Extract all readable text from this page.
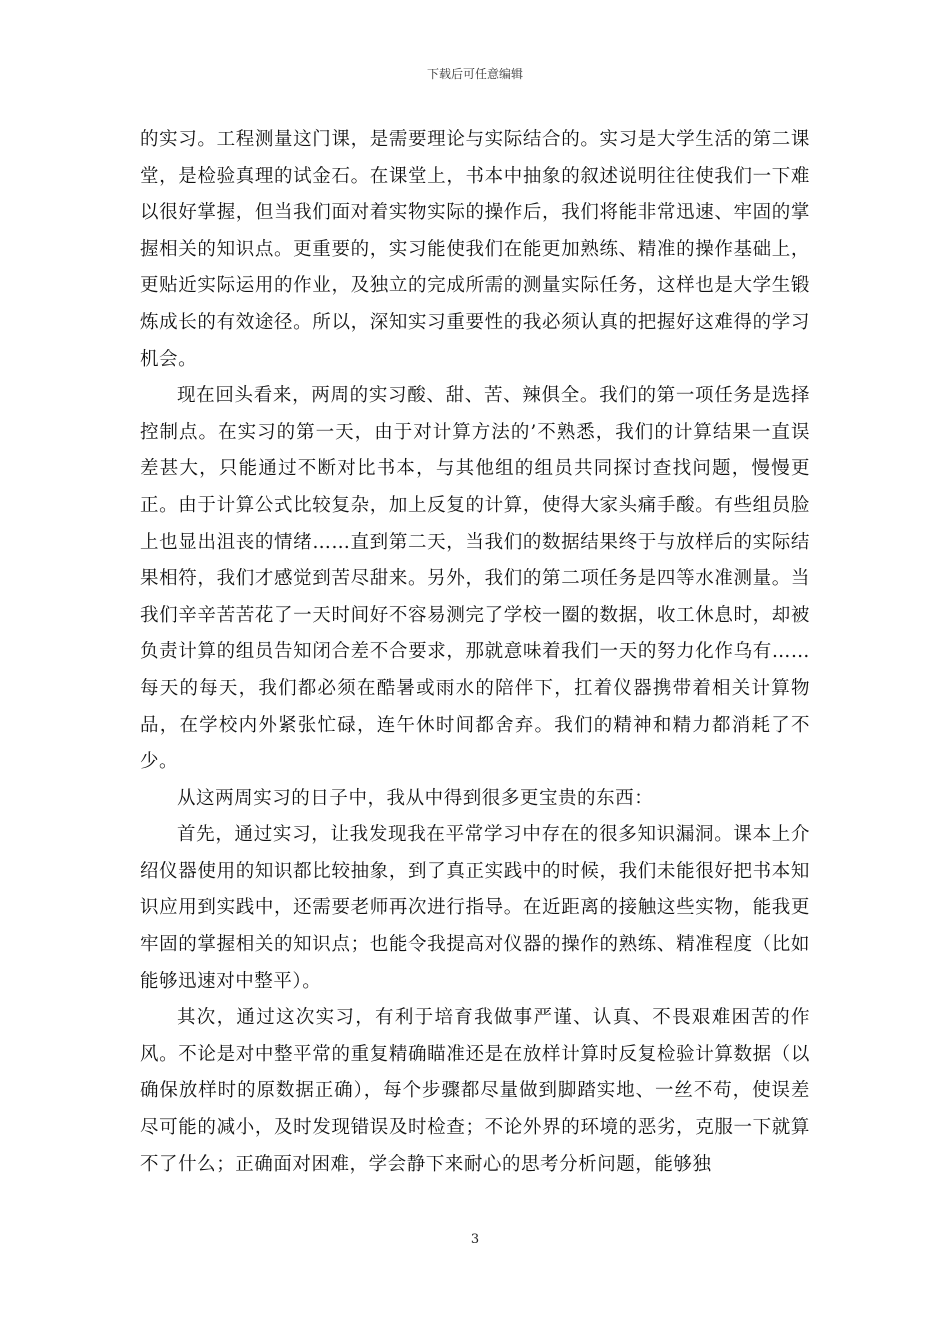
下载后可任意编辑

的实习。工程测量这门课，是需要理论与实际结合的。实习是大学生活的第二课堂，是检验真理的试金石。在课堂上，书本中抽象的叙述说明往往使我们一下难以很好掌握，但当我们面对着实物实际的操作后，我们将能非常迅速、牢固的掌握相关的知识点。更重要的，实习能使我们在能更加熟练、精准的操作基础上，更贴近实际运用的作业，及独立的完成所需的测量实际任务，这样也是大学生锻炼成长的有效途径。所以，深知实习重要性的我必须认真的把握好这难得的学习机会。

现在回头看来，两周的实习酸、甜、苦、辣俱全。我们的第一项任务是选择控制点。在实习的第一天，由于对计算方法的’不熟悉，我们的计算结果一直误差甚大，只能通过不断对比书本，与其他组的组员共同探讨查找问题，慢慢更正。由于计算公式比较复杂，加上反复的计算，使得大家头痛手酸。有些组员脸上也显出沮丧的情绪……直到第二天，当我们的数据结果终于与放样后的实际结果相符，我们才感觉到苦尽甜来。另外，我们的第二项任务是四等水准测量。当我们辛辛苦苦花了一天时间好不容易测完了学校一圈的数据，收工休息时，却被负责计算的组员告知闭合差不合要求，那就意味着我们一天的努力化作乌有……每天的每天，我们都必须在酷暑或雨水的陪伴下，扛着仪器携带着相关计算物品，在学校内外紧张忙碌，连午休时间都舍弃。我们的精神和精力都消耗了不少。

从这两周实习的日子中，我从中得到很多更宝贵的东西：

首先，通过实习，让我发现我在平常学习中存在的很多知识漏洞。课本上介绍仪器使用的知识都比较抽象，到了真正实践中的时候，我们未能很好把书本知识应用到实践中，还需要老师再次进行指导。在近距离的接触这些实物，能我更牢固的掌握相关的知识点；也能令我提高对仪器的操作的熟练、精准程度（比如能够迅速对中整平）。

其次，通过这次实习，有利于培育我做事严谨、认真、不畏艰难困苦的作风。不论是对中整平常的重复精确瞄准还是在放样计算时反复检验计算数据（以确保放样时的原数据正确），每个步骤都尽量做到脚踏实地、一丝不苟，使误差尽可能的减小，及时发现错误及时检查；不论外界的环境的恶劣，克服一下就算不了什么；正确面对困难，学会静下来耐心的思考分析问题，能够独

3
